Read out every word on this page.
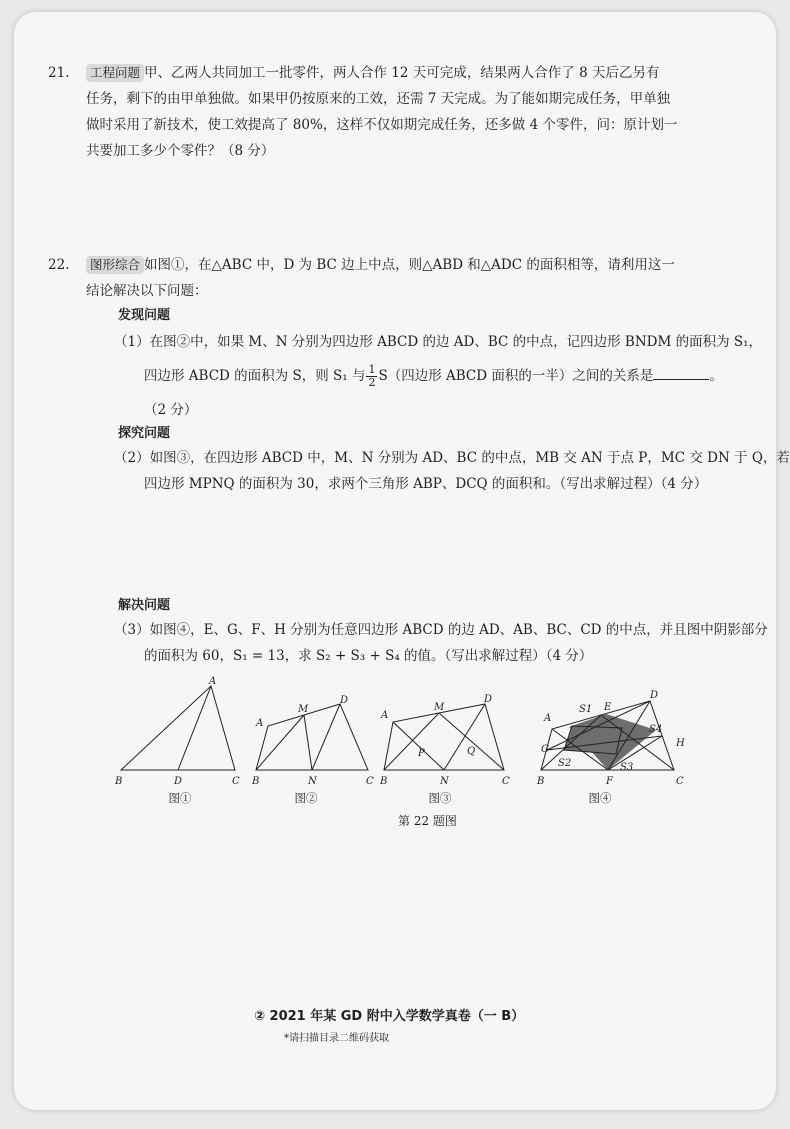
21.	工程问题 甲、乙两人共同加工一批零件，两人合作 12 天可完成，结果两人合作了 8 天后乙另有
任务，剩下的由甲单独做。如果甲仍按原来的工效，还需 7 天完成。为了能如期完成任务，甲单独
做时采用了新技术，使工效提高了 80%，这样不仅如期完成任务，还多做 4 个零件，问：原计划一
共要加工多少个零件？（8 分）
22.	图形综合 如图①，在△ABC 中，D 为 BC 边上中点，则△ABD 和△ADC 的面积相等，请利用这一
结论解决以下问题：
发现问题
（1）在图②中，如果 M、N 分别为四边形 ABCD 的边 AD、BC 的中点，记四边形 BNDM 的面积为 S₁，
四边形 ABCD 的面积为 S，则 S₁ 与 $\frac{1}{2} S$（四边形 ABCD 面积的一半）之间的关系是	。
（2 分）
探究问题
（2）如图③，在四边形 ABCD 中，M、N 分别为 AD、BC 的中点，MB 交 AN 于点 P，MC 交 DN 于 Q，若
四边形 MPNQ 的面积为 30，求两个三角形 ABP、DCQ 的面积和。（写出求解过程）（4 分）
解决问题
（3）如图④，E、G、F、H 分别为任意四边形 ABCD 的边 AD、AB、BC、CD 的中点，并且图中阴影部分
的面积为 60，S₁ = 13，求 S₂ + S₃ + S₄ 的值。（写出求解过程）（4 分）
A
B	D	C
A
M
D
B	N	C
A
M
D
P	Q
B	N	C
A
E
D
S1
S4
H
G
S2	S3
B	F	C
图①	图②	图③	图④
第 22 题图
② 2021 年某 GD 附中入学数学真卷（一 B）
*请扫描目录二维码获取
